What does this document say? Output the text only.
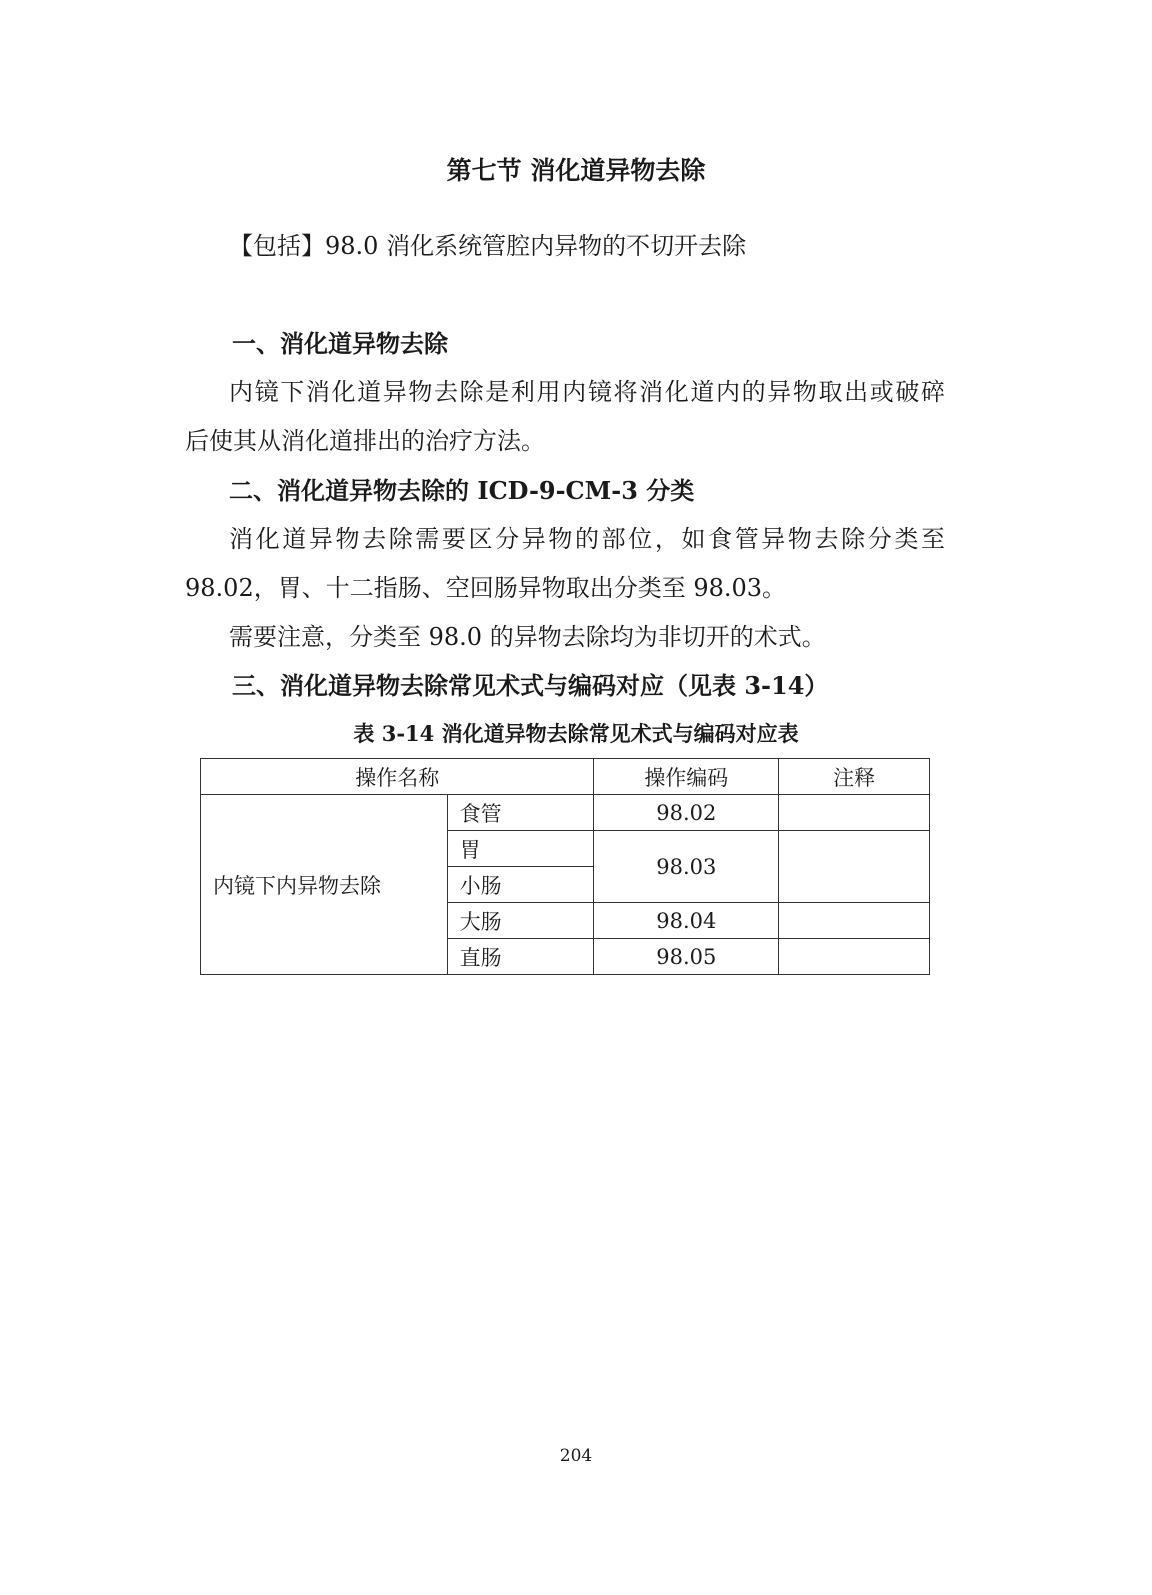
第七节 消化道异物去除
【包括】98.0 消化系统管腔内异物的不切开去除
一、消化道异物去除
内镜下消化道异物去除是利用内镜将消化道内的异物取出或破碎
后使其从消化道排出的治疗方法。
二、消化道异物去除的 ICD-9-CM-3 分类
消化道异物去除需要区分异物的部位，如食管异物去除分类至
98.02，胃、十二指肠、空回肠异物取出分类至 98.03。
需要注意，分类至 98.0 的异物去除均为非切开的术式。
三、消化道异物去除常见术式与编码对应（见表 3-14）
表 3-14 消化道异物去除常见术式与编码对应表
操作名称		操作编码	注释
内镜下内异物去除	食管	98.02	
	胃	98.03	
	小肠		
	大肠	98.04	
	直肠	98.05	
204
